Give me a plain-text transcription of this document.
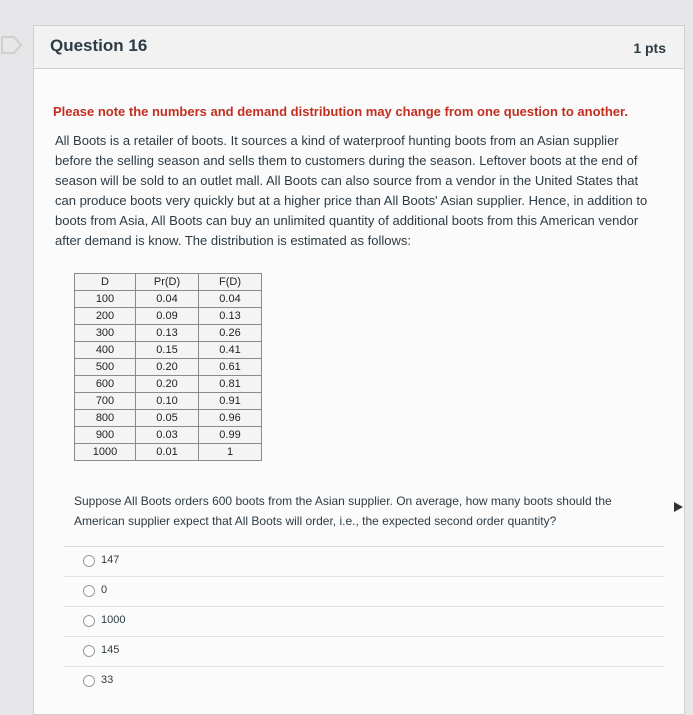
Question 16	1 pts

Please note the numbers and demand distribution may change from one question to another.

All Boots is a retailer of boots. It sources a kind of waterproof hunting boots from an Asian supplier before the selling season and sells them to customers during the season. Leftover boots at the end of season will be sold to an outlet mall. All Boots can also source from a vendor in the United States that can produce boots very quickly but at a higher price than All Boots' Asian supplier. Hence, in addition to boots from Asia, All Boots can buy an unlimited quantity of additional boots from this American vendor after demand is know. The distribution is estimated as follows:

D	Pr(D)	F(D)
100	0.04	0.04
200	0.09	0.13
300	0.13	0.26
400	0.15	0.41
500	0.20	0.61
600	0.20	0.81
700	0.10	0.91
800	0.05	0.96
900	0.03	0.99
1000	0.01	1
Suppose All Boots orders 600 boots from the Asian supplier. On average, how many boots should the American supplier expect that All Boots will order, i.e., the expected second order quantity?
147
0
1000
145
33
